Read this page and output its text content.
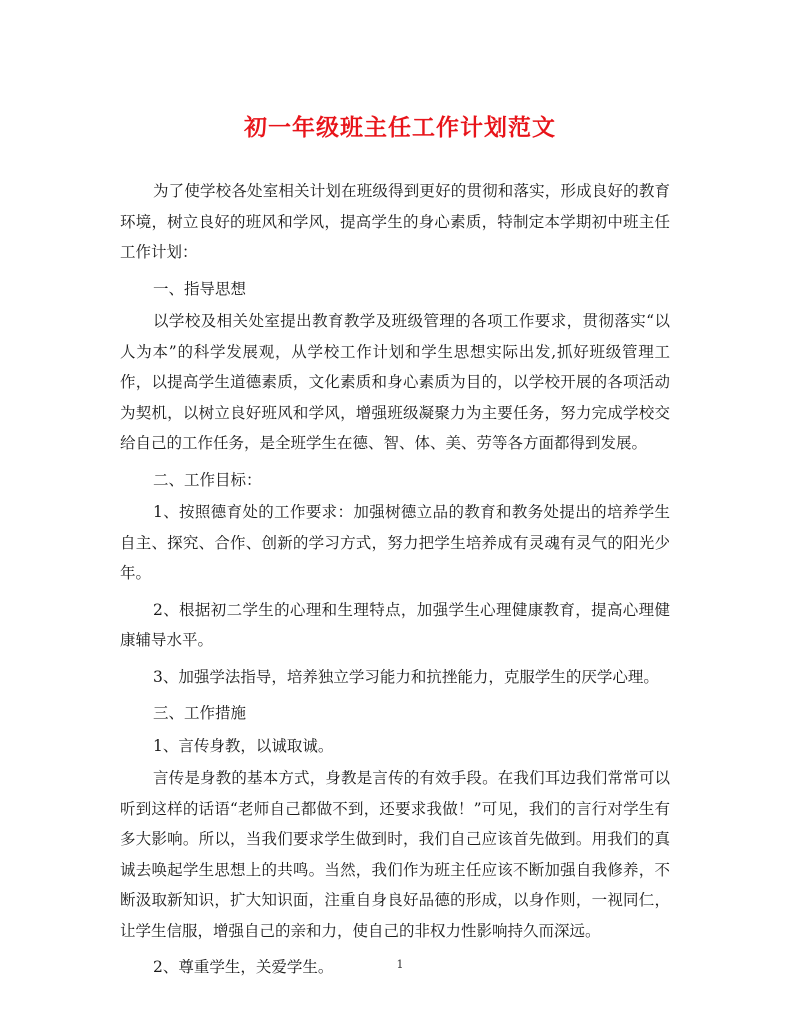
初一年级班主任工作计划范文

为了使学校各处室相关计划在班级得到更好的贯彻和落实，形成良好的教育环境，树立良好的班风和学风，提高学生的身心素质，特制定本学期初中班主任工作计划：

一、指导思想

以学校及相关处室提出教育教学及班级管理的各项工作要求，贯彻落实“以人为本”的科学发展观，从学校工作计划和学生思想实际出发,抓好班级管理工作，以提高学生道德素质，文化素质和身心素质为目的，以学校开展的各项活动为契机，以树立良好班风和学风，增强班级凝聚力为主要任务，努力完成学校交给自己的工作任务，是全班学生在德、智、体、美、劳等各方面都得到发展。

二、工作目标：

1、按照德育处的工作要求：加强树德立品的教育和教务处提出的培养学生自主、探究、合作、创新的学习方式，努力把学生培养成有灵魂有灵气的阳光少年。

2、根据初二学生的心理和生理特点，加强学生心理健康教育，提高心理健康辅导水平。

3、加强学法指导，培养独立学习能力和抗挫能力，克服学生的厌学心理。

三、工作措施

1、言传身教，以诚取诚。

言传是身教的基本方式，身教是言传的有效手段。在我们耳边我们常常可以听到这样的话语“老师自己都做不到，还要求我做！”可见，我们的言行对学生有多大影响。所以，当我们要求学生做到时，我们自己应该首先做到。用我们的真诚去唤起学生思想上的共鸣。当然，我们作为班主任应该不断加强自我修养，不断汲取新知识，扩大知识面，注重自身良好品德的形成，以身作则，一视同仁，让学生信服，增强自己的亲和力，使自己的非权力性影响持久而深远。

2、尊重学生，关爱学生。	1
